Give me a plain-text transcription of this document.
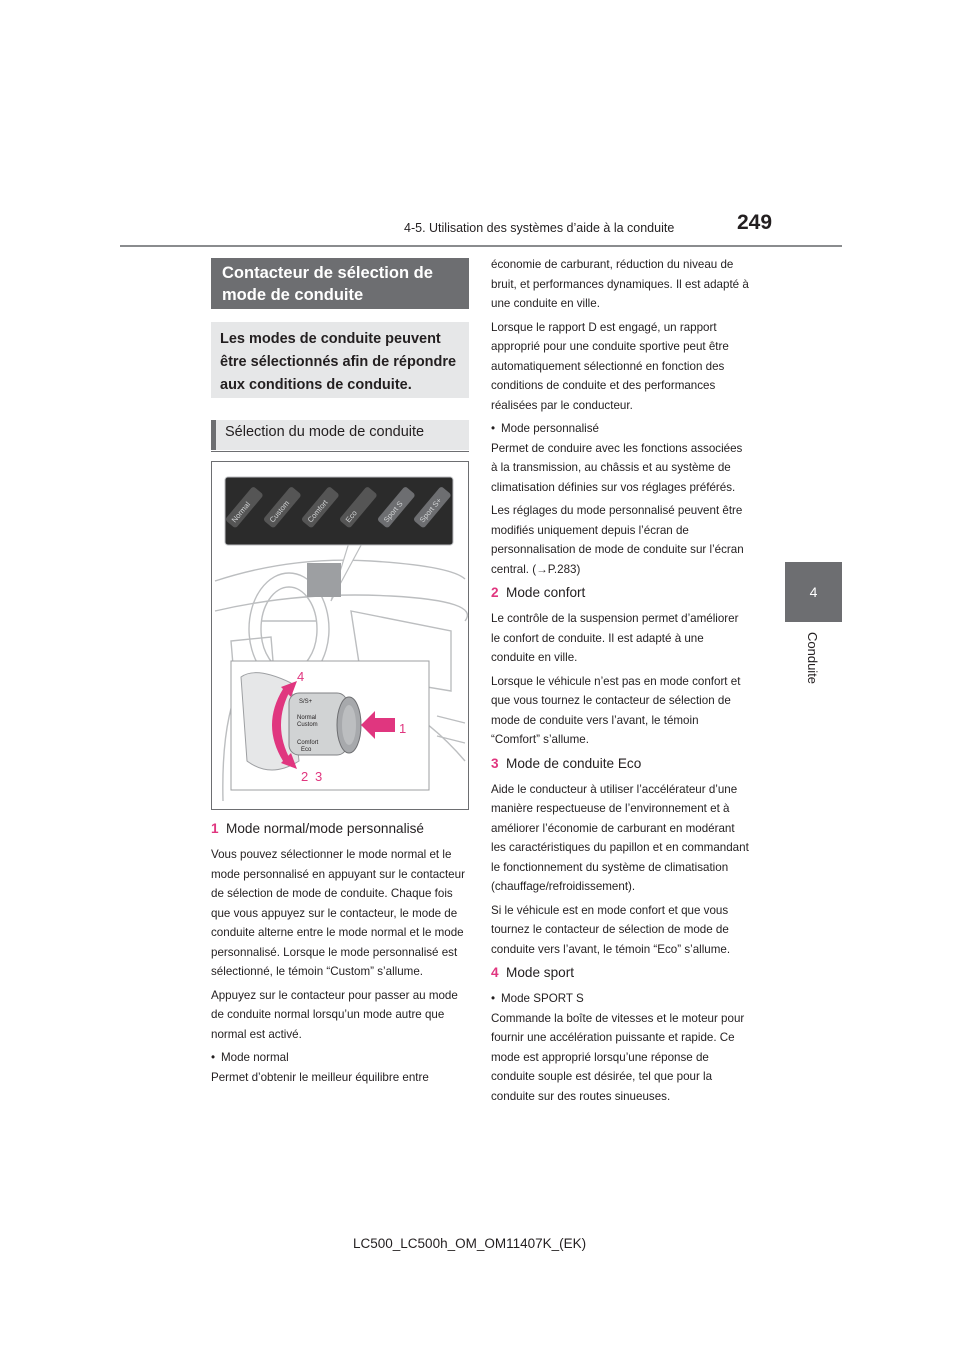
4-5. Utilisation des systèmes d’aide à la conduite	249
4
Conduite
Contacteur de sélection de mode de conduite
Les modes de conduite peuvent être sélectionnés afin de répondre aux conditions de conduite.
Sélection du mode de conduite
Normal Custom Comfort Eco	Sport S Sport S+
S/S+
Normal
Custom
Comfort
Eco
4
1
2 3
1 Mode normal/mode personnalisé

Vous pouvez sélectionner le mode normal et le mode personnalisé en appuyant sur le contacteur de sélection de mode de conduite. Chaque fois que vous appuyez sur le contacteur, le mode de conduite alterne entre le mode normal et le mode personnalisé. Lorsque le mode personnalisé est sélectionné, le témoin “Custom” s’allume.

Appuyez sur le contacteur pour passer au mode de conduite normal lorsqu’un mode autre que normal est activé.

• Mode normal

Permet d’obtenir le meilleur équilibre entre

économie de carburant, réduction du niveau de bruit, et performances dynamiques. Il est adapté à une conduite en ville.

Lorsque le rapport D est engagé, un rapport approprié pour une conduite sportive peut être automatiquement sélectionné en fonction des conditions de conduite et des performances réalisées par le conducteur.

• Mode personnalisé

Permet de conduire avec les fonctions associées à la transmission, au châssis et au système de climatisation définies sur vos réglages préférés.

Les réglages du mode personnalisé peuvent être modifiés uniquement depuis l’écran de personnalisation de mode de conduite sur l’écran central. (→P.283)

2 Mode confort

Le contrôle de la suspension permet d’améliorer le confort de conduite. Il est adapté à une conduite en ville.

Lorsque le véhicule n’est pas en mode confort et que vous tournez le contacteur de sélection de mode de conduite vers l’avant, le témoin “Comfort” s’allume.

3 Mode de conduite Eco

Aide le conducteur à utiliser l’accélérateur d’une manière respectueuse de l’environnement et à améliorer l’économie de carburant en modérant les caractéristiques du papillon et en commandant le fonctionnement du système de climatisation (chauffage/refroidissement).

Si le véhicule est en mode confort et que vous tournez le contacteur de sélection de mode de conduite vers l’avant, le témoin “Eco” s’allume.

4 Mode sport

• Mode SPORT S

Commande la boîte de vitesses et le moteur pour fournir une accélération puissante et rapide. Ce mode est approprié lorsqu’une réponse de conduite souple est désirée, tel que pour la conduite sur des routes sinueuses.

LC500_LC500h_OM_OM11407K_(EK)
